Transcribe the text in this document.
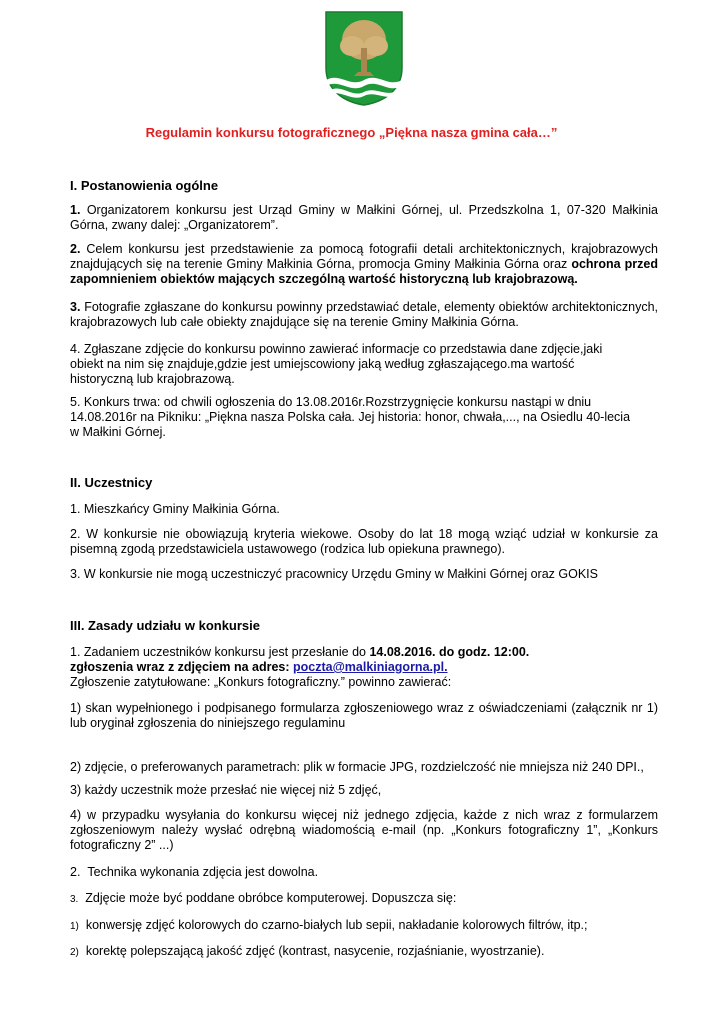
Regulamin konkursu fotograficznego „Piękna nasza gmina cała…”
I. Postanowienia ogólne
1. Organizatorem konkursu jest Urząd Gminy w Małkini Górnej, ul. Przedszkolna 1, 07-320 Małkinia Górna, zwany dalej: „Organizatorem”.
2. Celem konkursu jest przedstawienie za pomocą fotografii detali architektonicznych, krajobrazowych znajdujących się na terenie Gminy Małkinia Górna, promocja Gminy Małkinia Górna oraz ochrona przed zapomnieniem obiektów mających szczególną wartość historyczną lub krajobrazową.
3. Fotografie zgłaszane do konkursu powinny przedstawiać detale, elementy obiektów architektonicznych, krajobrazowych lub całe obiekty znajdujące się na terenie Gminy Małkinia Górna.
4. Zgłaszane zdjęcie do konkursu powinno zawierać informacje co przedstawia dane zdjęcie,jaki
obiekt na nim się znajduje,gdzie jest umiejscowiony jaką według zgłaszającego.ma wartość
historyczną lub krajobrazową.
5. Konkurs trwa: od chwili ogłoszenia do 13.08.2016r.Rozstrzygnięcie konkursu nastąpi w dniu
14.08.2016r na Pikniku: „Piękna nasza Polska cała. Jej historia: honor, chwała,..., na Osiedlu 40-lecia
w Małkini Górnej.
II. Uczestnicy
1. Mieszkańcy Gminy Małkinia Górna.
2. W konkursie nie obowiązują kryteria wiekowe. Osoby do lat 18 mogą wziąć udział w konkursie za pisemną zgodą przedstawiciela ustawowego (rodzica lub opiekuna prawnego).
3. W konkursie nie mogą uczestniczyć pracownicy Urzędu Gminy w Małkini Górnej oraz GOKIS
III. Zasady udziału w konkursie
1. Zadaniem uczestników konkursu jest przesłanie do 14.08.2016. do godz. 12:00.
zgłoszenia wraz z zdjęciem na adres: poczta@malkiniagorna.pl.
Zgłoszenie zatytułowane: „Konkurs fotograficzny.” powinno zawierać:
1) skan wypełnionego i podpisanego formularza zgłoszeniowego wraz z oświadczeniami (załącznik nr 1) lub oryginał zgłoszenia do niniejszego regulaminu
2) zdjęcie, o preferowanych parametrach: plik w formacie JPG, rozdzielczość nie mniejsza niż 240 DPI.,
3) każdy uczestnik może przesłać nie więcej niż 5 zdjęć,
4) w przypadku wysyłania do konkursu więcej niż jednego zdjęcia, każde z nich wraz z formularzem zgłoszeniowym należy wysłać odrębną wiadomością e-mail (np. „Konkurs fotograficzny 1”, „Konkurs fotograficzny 2” ...)
2. Technika wykonania zdjęcia jest dowolna.
3. Zdjęcie może być poddane obróbce komputerowej. Dopuszcza się:
1) konwersję zdjęć kolorowych do czarno-białych lub sepii, nakładanie kolorowych filtrów, itp.;
2) korektę polepszającą jakość zdjęć (kontrast, nasycenie, rozjaśnianie, wyostrzanie).
